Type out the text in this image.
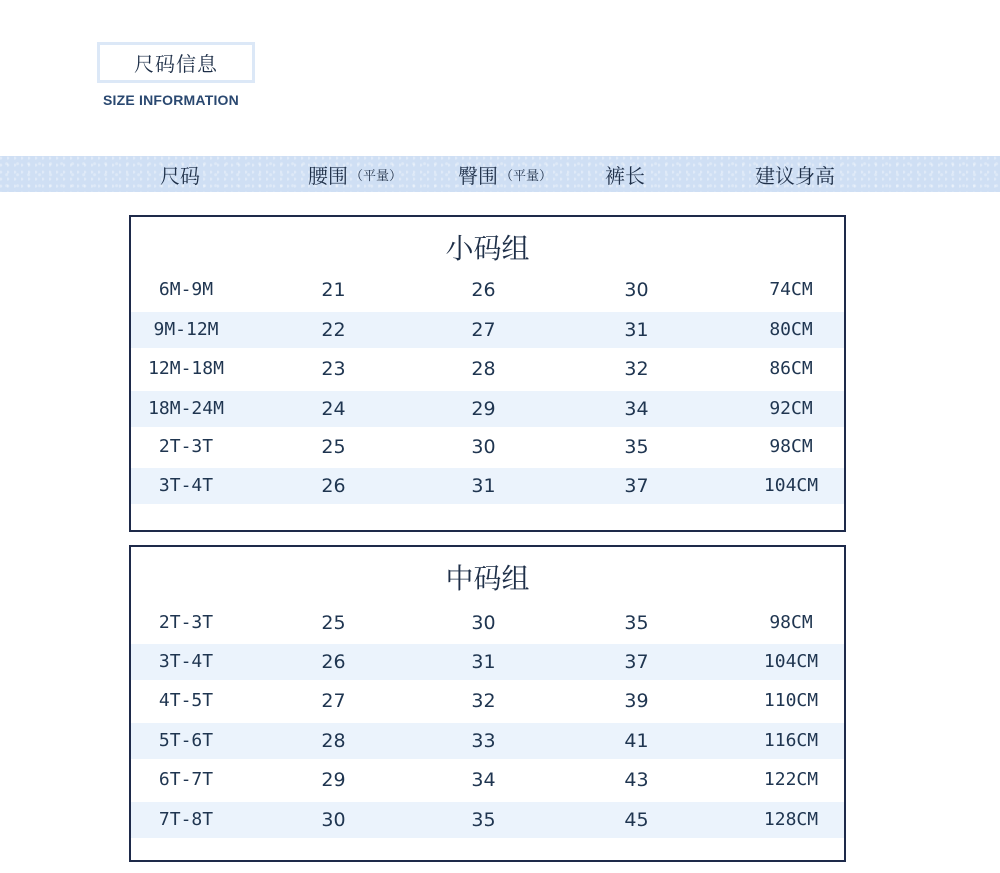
尺码信息
SIZE INFORMATION
尺码	腰围 （平量）	臀围 （平量）	裤长	建议身高
小码组
6M-9M	21	26	30	74CM
9M-12M	22	27	31	80CM
12M-18M	23	28	32	86CM
18M-24M	24	29	34	92CM
2T-3T	25	30	35	98CM
3T-4T	26	31	37	104CM
中码组
2T-3T	25	30	35	98CM
3T-4T	26	31	37	104CM
4T-5T	27	32	39	110CM
5T-6T	28	33	41	116CM
6T-7T	29	34	43	122CM
7T-8T	30	35	45	128CM
